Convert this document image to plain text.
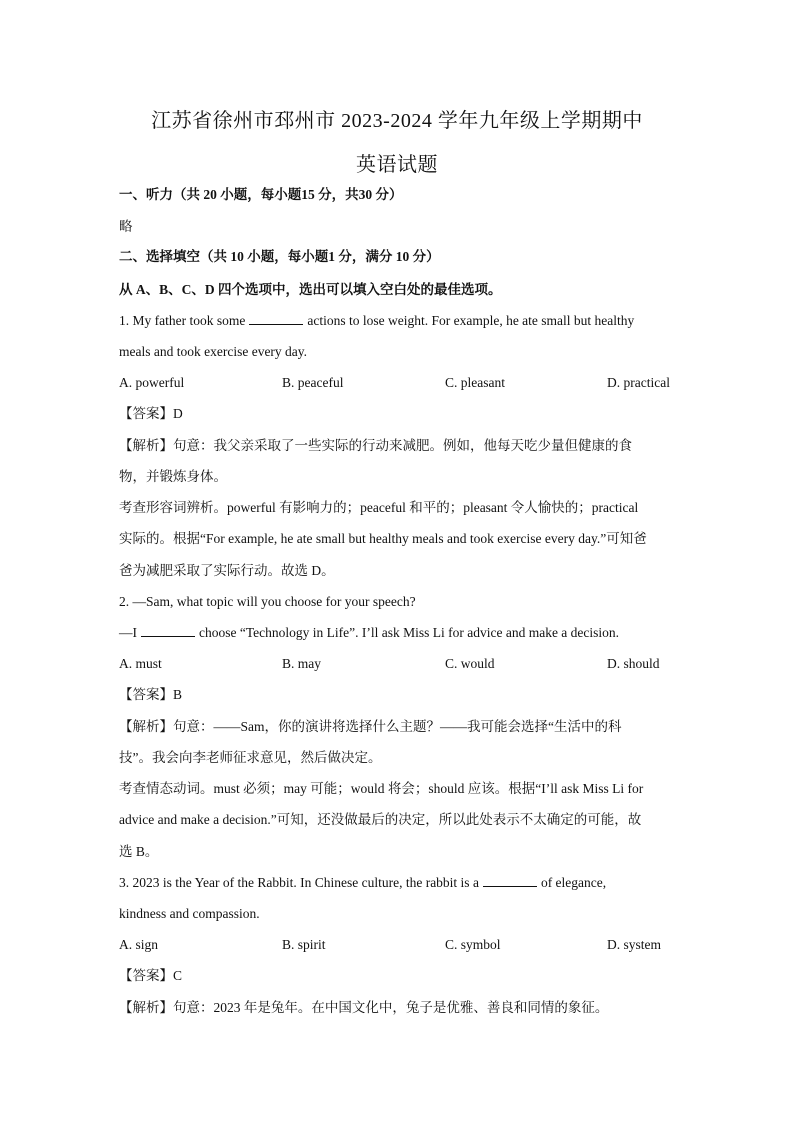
江苏省徐州市邳州市 2023-2024 学年九年级上学期期中
英语试题
一、听力（共 20 小题，每小题15 分，共30 分）
略
二、选择填空（共 10 小题，每小题1 分，满分 10 分）
从 A、B、C、D 四个选项中，选出可以填入空白处的最佳选项。
1. My father took some	actions to lose weight. For example, he ate small but healthy
meals and took exercise every day.
A. powerful	B. peaceful	C. pleasant	D. practical
【答案】D
【解析】句意：我父亲采取了一些实际的行动来减肥。例如，他每天吃少量但健康的食
物，并锻炼身体。
考查形容词辨析。powerful 有影响力的；peaceful 和平的；pleasant 令人愉快的；practical
实际的。根据“For example, he ate small but healthy meals and took exercise every day.”可知爸
爸为减肥采取了实际行动。故选 D。
2. —Sam, what topic will you choose for your speech?
—I	choose “Technology in Life”. I’ll ask Miss Li for advice and make a decision.
A. must	B. may	C. would	D. should
【答案】B
【解析】句意：——Sam，你的演讲将选择什么主题？——我可能会选择“生活中的科
技”。我会向李老师征求意见，然后做决定。
考查情态动词。must 必须；may 可能；would 将会；should 应该。根据“I’ll ask Miss Li for
advice and make a decision.”可知，还没做最后的决定，所以此处表示不太确定的可能，故
选 B。
3. 2023 is the Year of the Rabbit. In Chinese culture, the rabbit is a	of elegance,
kindness and compassion.
A. sign	B. spirit	C. symbol	D. system
【答案】C
【解析】句意：2023 年是兔年。在中国文化中，兔子是优雅、善良和同情的象征。
